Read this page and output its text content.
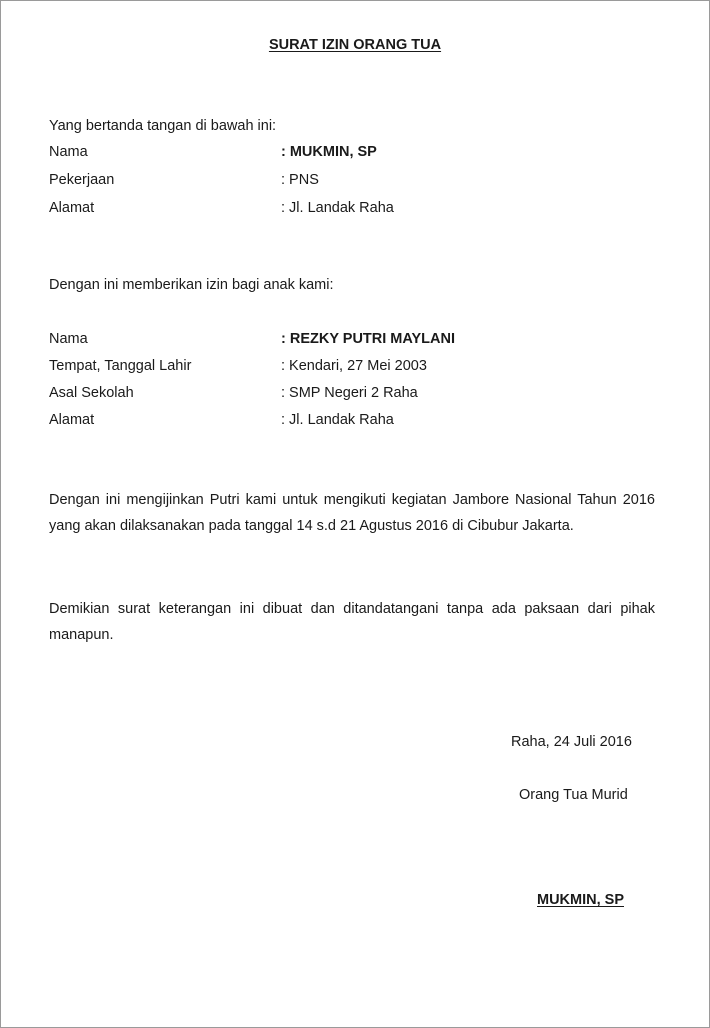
SURAT IZIN ORANG TUA
Yang bertanda tangan di bawah ini:
Nama	: MUKMIN, SP
Pekerjaan	: PNS
Alamat	: Jl. Landak Raha
Dengan ini memberikan izin bagi anak kami:
Nama	: REZKY PUTRI MAYLANI
Tempat, Tanggal Lahir	: Kendari, 27 Mei 2003
Asal Sekolah	: SMP Negeri 2 Raha
Alamat	: Jl. Landak Raha
Dengan ini mengijinkan Putri kami untuk mengikuti kegiatan Jambore Nasional Tahun 2016 yang akan dilaksanakan pada tanggal 14 s.d 21 Agustus 2016 di Cibubur Jakarta.
Demikian surat keterangan ini dibuat dan ditandatangani tanpa ada paksaan dari pihak manapun.
Raha, 24 Juli 2016
Orang Tua Murid
MUKMIN, SP
